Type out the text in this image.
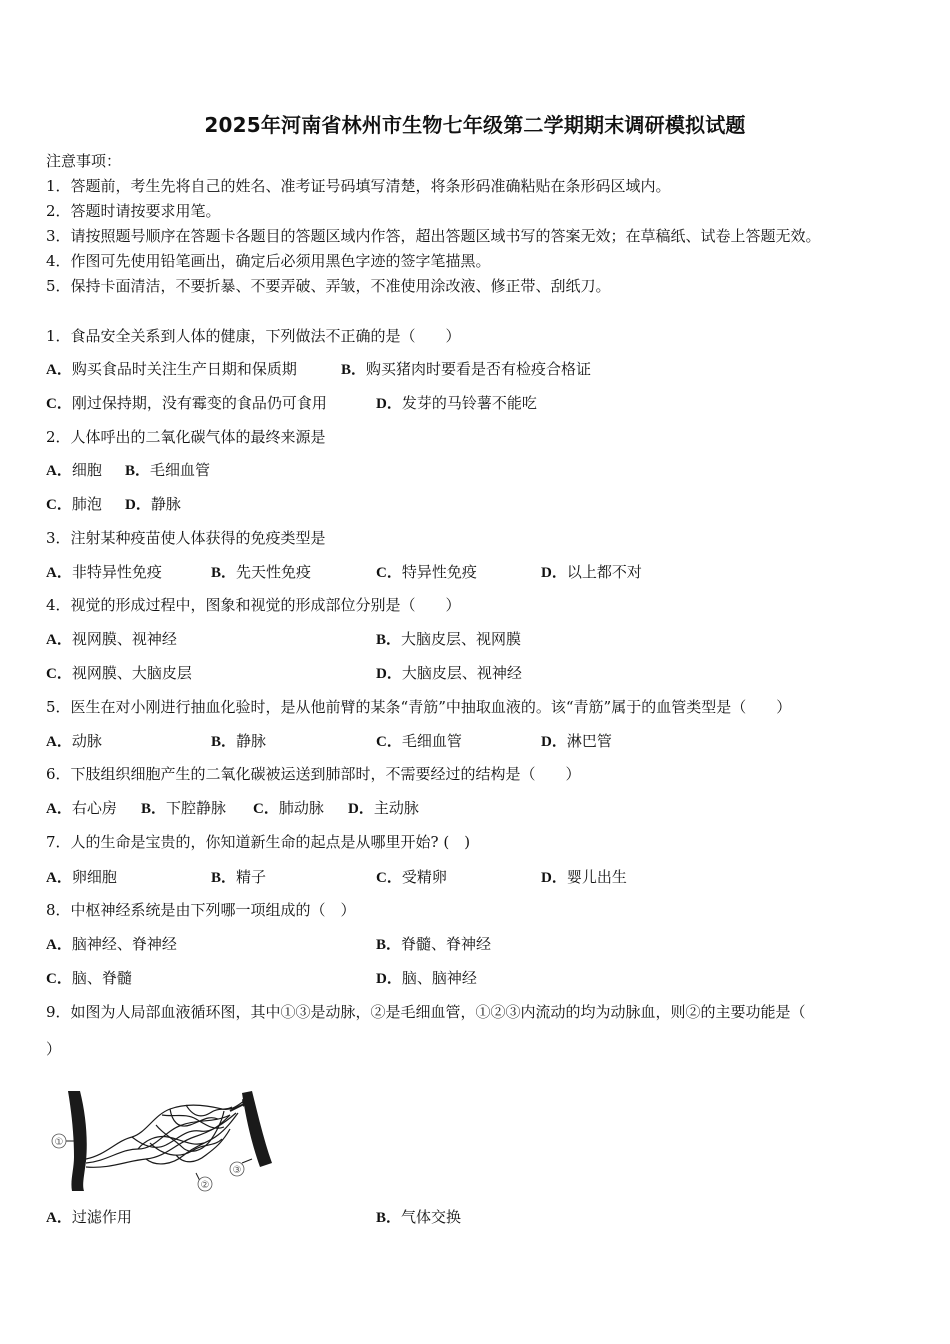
2025年河南省林州市生物七年级第二学期期末调研模拟试题
注意事项：
1．答题前，考生先将自己的姓名、准考证号码填写清楚，将条形码准确粘贴在条形码区域内。
2．答题时请按要求用笔。
3．请按照题号顺序在答题卡各题目的答题区域内作答，超出答题区域书写的答案无效；在草稿纸、试卷上答题无效。
4．作图可先使用铅笔画出，确定后必须用黑色字迹的签字笔描黑。
5．保持卡面清洁，不要折暴、不要弄破、弄皱，不准使用涂改液、修正带、刮纸刀。
1．食品安全关系到人体的健康，下列做法不正确的是（　　）
A．购买食品时关注生产日期和保质期	B．购买猪肉时要看是否有检疫合格证
C．刚过保持期，没有霉变的食品仍可食用	D．发芽的马铃薯不能吃
2．人体呼出的二氧化碳气体的最终来源是
A．细胞 B．毛细血管
C．肺泡 D．静脉
3．注射某种疫苗使人体获得的免疫类型是
A．非特异性免疫	B．先天性免疫	C．特异性免疫	D．以上都不对
4．视觉的形成过程中，图象和视觉的形成部位分别是（　　）
A．视网膜、视神经	B．大脑皮层、视网膜
C．视网膜、大脑皮层	D．大脑皮层、视神经
5．医生在对小刚进行抽血化验时，是从他前臂的某条“青筋”中抽取血液的。该“青筋”属于的血管类型是（　　）
A．动脉	B．静脉	C．毛细血管	D．淋巴管
6．下肢组织细胞产生的二氧化碳被运送到肺部时，不需要经过的结构是（　　）
A．右心房 B．下腔静脉 C．肺动脉 D．主动脉
7．人的生命是宝贵的，你知道新生命的起点是从哪里开始? (　)
A．卵细胞	B．精子	C．受精卵	D．婴儿出生
8．中枢神经系统是由下列哪一项组成的（　）
A．脑神经、脊神经	B．脊髓、脊神经
C．脑、脊髓	D．脑、脑神经
9．如图为人局部血液循环图，其中①③是动脉，②是毛细血管，①②③内流动的均为动脉血，则②的主要功能是（
）
①
②
③
A．过滤作用	B．气体交换
